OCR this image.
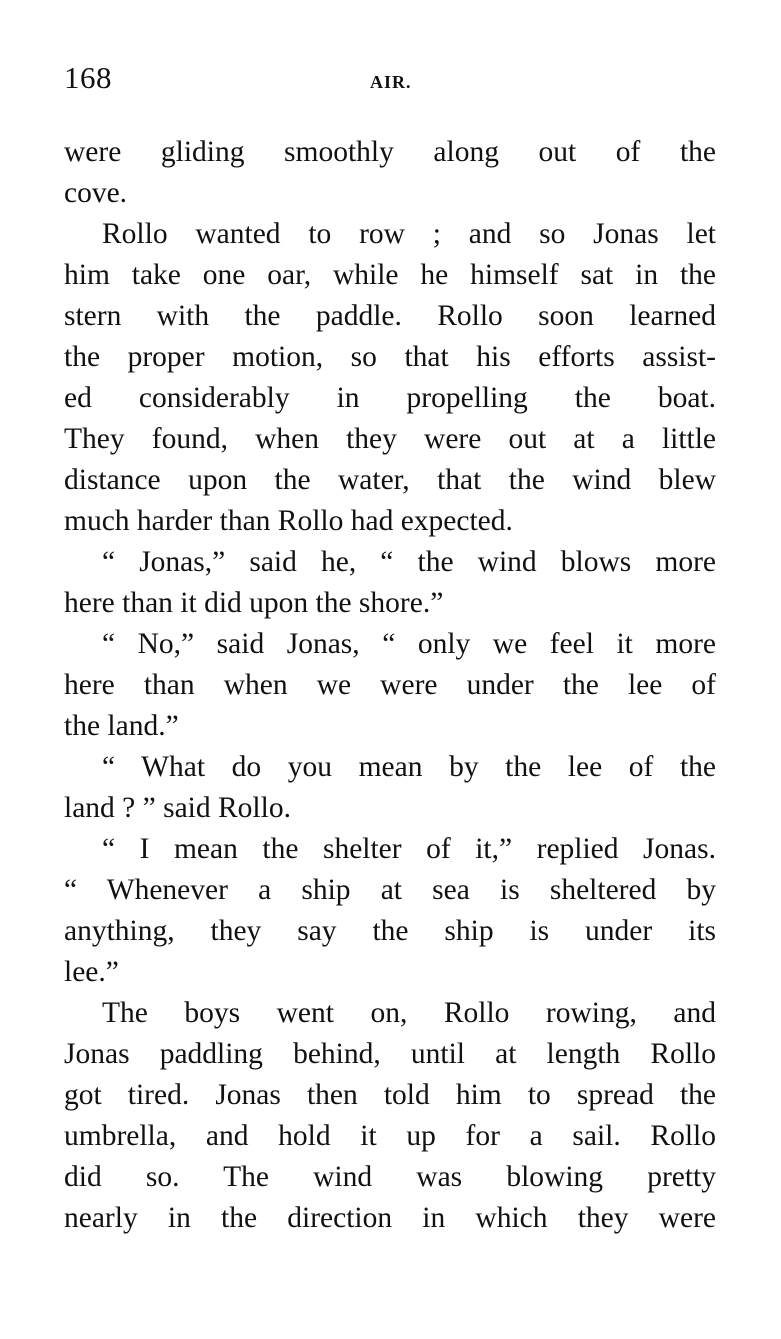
168	AIR.
were gliding smoothly along out of the
cove.
Rollo wanted to row ; and so Jonas let
him take one oar, while he himself sat in the
stern with the paddle. Rollo soon learned
the proper motion, so that his efforts assist-
ed considerably in propelling the boat.
They found, when they were out at a little
distance upon the water, that the wind blew
much harder than Rollo had expected.
“ Jonas,” said he, “ the wind blows more
here than it did upon the shore.”
“ No,” said Jonas, “ only we feel it more
here than when we were under the lee of
the land.”
“ What do you mean by the lee of the
land ? ” said Rollo.
“ I mean the shelter of it,” replied Jonas.
“ Whenever a ship at sea is sheltered by
anything, they say the ship is under its
lee.”
The boys went on, Rollo rowing, and
Jonas paddling behind, until at length Rollo
got tired. Jonas then told him to spread the
umbrella, and hold it up for a sail. Rollo
did so. The wind was blowing pretty
nearly in the direction in which they were
